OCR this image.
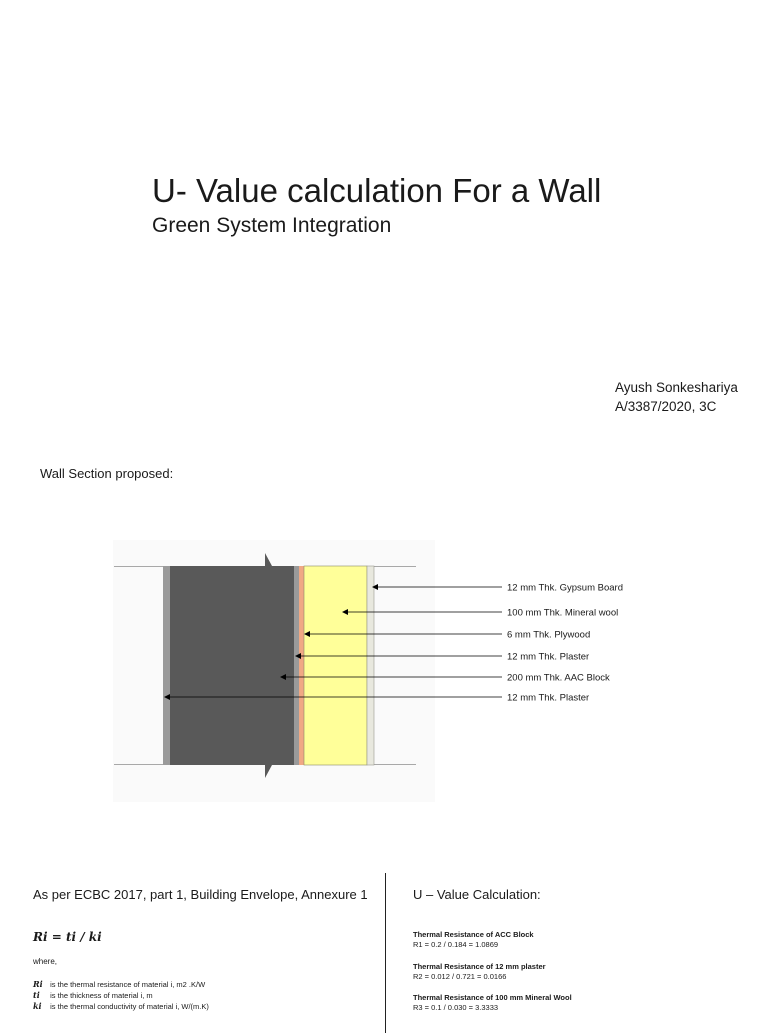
U- Value calculation For a Wall
Green System Integration
Ayush Sonkeshariya
A/3387/2020, 3C
Wall Section proposed:
12 mm Thk. Gypsum Board
100 mm Thk. Mineral wool
6 mm Thk. Plywood
12 mm Thk. Plaster
200 mm Thk. AAC Block
12 mm Thk. Plaster
As per ECBC 2017, part 1, Building Envelope, Annexure 1
Ri = ti / ki
where,
Ri is the thermal resistance of material i, m2 .K/W
ti is the thickness of material i, m
ki is the thermal conductivity of material i, W/(m.K)
U – Value Calculation:
Thermal Resistance of ACC Block
R1 = 0.2 / 0.184 = 1.0869
Thermal Resistance of 12 mm plaster
R2 = 0.012 / 0.721 = 0.0166
Thermal Resistance of 100 mm Mineral Wool
R3 = 0.1 / 0.030 = 3.3333
